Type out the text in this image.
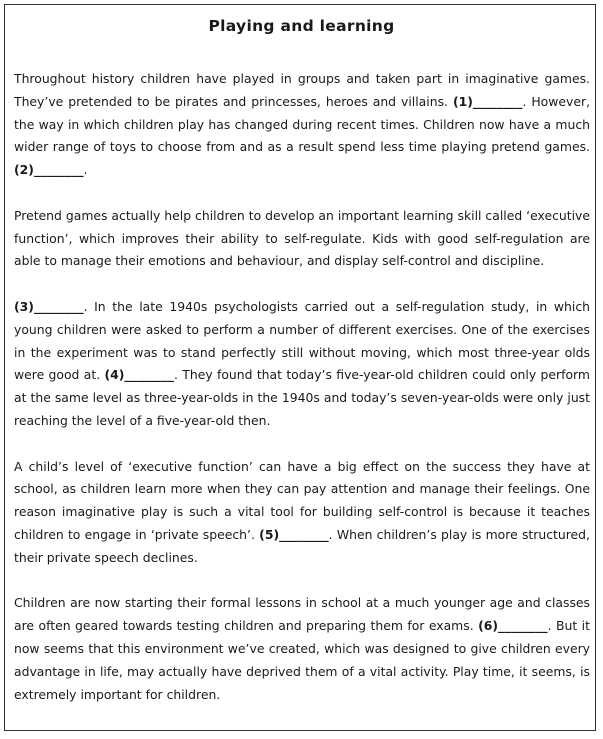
Playing and learning

Throughout history children have played in groups and taken part in imaginative games. They’ve pretended to be pirates and princesses, heroes and villains. (1)________. However, the way in which children play has changed during recent times. Children now have a much wider range of toys to choose from and as a result spend less time playing pretend games. (2)________.

Pretend games actually help children to develop an important learning skill called ‘executive function’, which improves their ability to self-regulate. Kids with good self-regulation are able to manage their emotions and behaviour, and display self-control and discipline.

(3)________. In the late 1940s psychologists carried out a self-regulation study, in which young children were asked to perform a number of different exercises. One of the exercises in the experiment was to stand perfectly still without moving, which most three-year olds were good at. (4)________. They found that today’s five-year-old children could only perform at the same level as three-year-olds in the 1940s and today’s seven-year-olds were only just reaching the level of a five-year-old then.

A child’s level of ‘executive function’ can have a big effect on the success they have at school, as children learn more when they can pay attention and manage their feelings. One reason imaginative play is such a vital tool for building self-control is because it teaches children to engage in ‘private speech’. (5)________. When children’s play is more structured, their private speech declines.

Children are now starting their formal lessons in school at a much younger age and classes are often geared towards testing children and preparing them for exams. (6)________. But it now seems that this environment we’ve created, which was designed to give children every advantage in life, may actually have deprived them of a vital activity. Play time, it seems, is extremely important for children.
